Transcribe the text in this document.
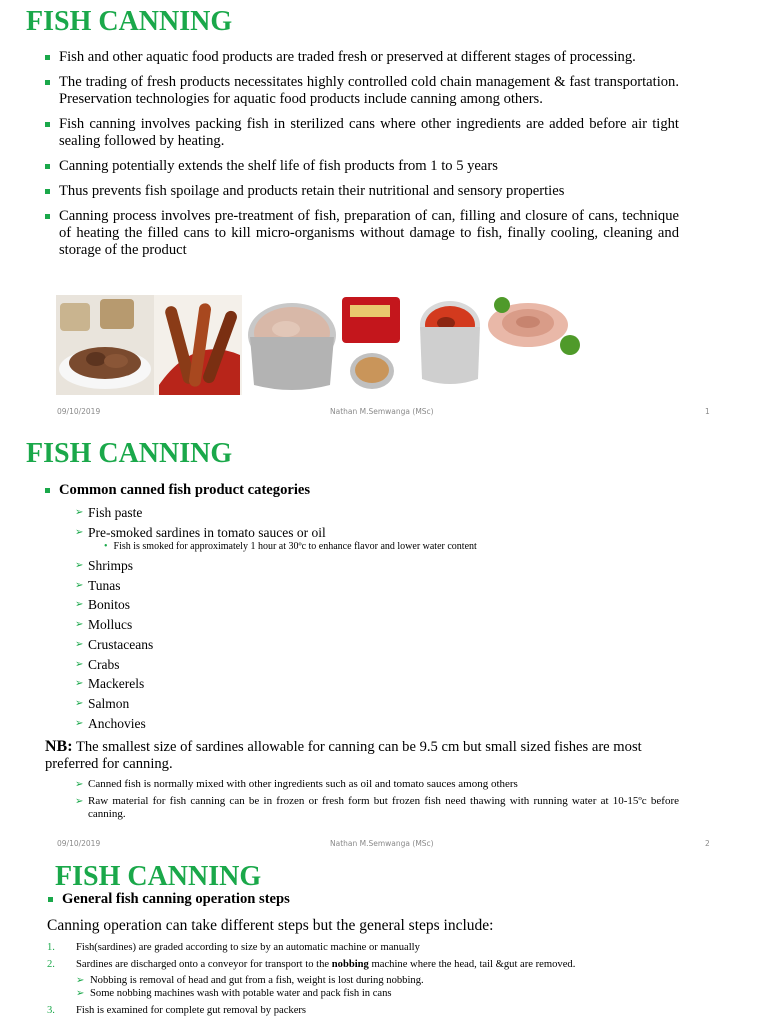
FISH CANNING
Fish and other aquatic food products are traded fresh or preserved at different stages of processing.
The trading of fresh products necessitates highly controlled cold chain management & fast transportation. Preservation technologies for aquatic food products include canning among others.
Fish canning involves packing fish in sterilized cans where other ingredients are added before air tight sealing followed by heating.
Canning potentially extends the shelf life of fish products from 1 to 5 years
Thus prevents fish spoilage and products retain their nutritional and sensory properties
Canning process involves pre-treatment of fish, preparation of can, filling and closure of cans, technique of heating the filled cans to kill micro-organisms without damage to fish, finally cooling, cleaning and storage of the product
09/10/2019	Nathan M.Semwanga (MSc)	1
FISH CANNING
Common canned fish product categories
➢ Fish paste
➢ Pre-smoked sardines in tomato sauces or oil
• Fish is smoked for approximately 1 hour at 30ºc to enhance flavor and lower water content
➢ Shrimps
➢ Tunas
➢ Bonitos
➢ Mollucs
➢ Crustaceans
➢ Crabs
➢ Mackerels
➢ Salmon
➢ Anchovies
NB: The smallest size of sardines allowable for canning can be 9.5 cm but small sized fishes are most preferred for canning.
➢ Canned fish is normally mixed with other ingredients such as oil and tomato sauces among others
➢ Raw material for fish canning can be in frozen or fresh form but frozen fish need thawing with running water at 10-15ºc before canning.
09/10/2019	Nathan M.Semwanga (MSc)	2
FISH CANNING
General fish canning operation steps
Canning operation can take different steps but the general steps include:
1. Fish(sardines) are graded according to size by an automatic machine or manually
2. Sardines are discharged onto a conveyor for transport to the nobbing machine where the head, tail &gut are removed.
➢ Nobbing is removal of head and gut from a fish, weight is lost during nobbing.
➢ Some nobbing machines wash with potable water and pack fish in cans
3. Fish is examined for complete gut removal by packers
